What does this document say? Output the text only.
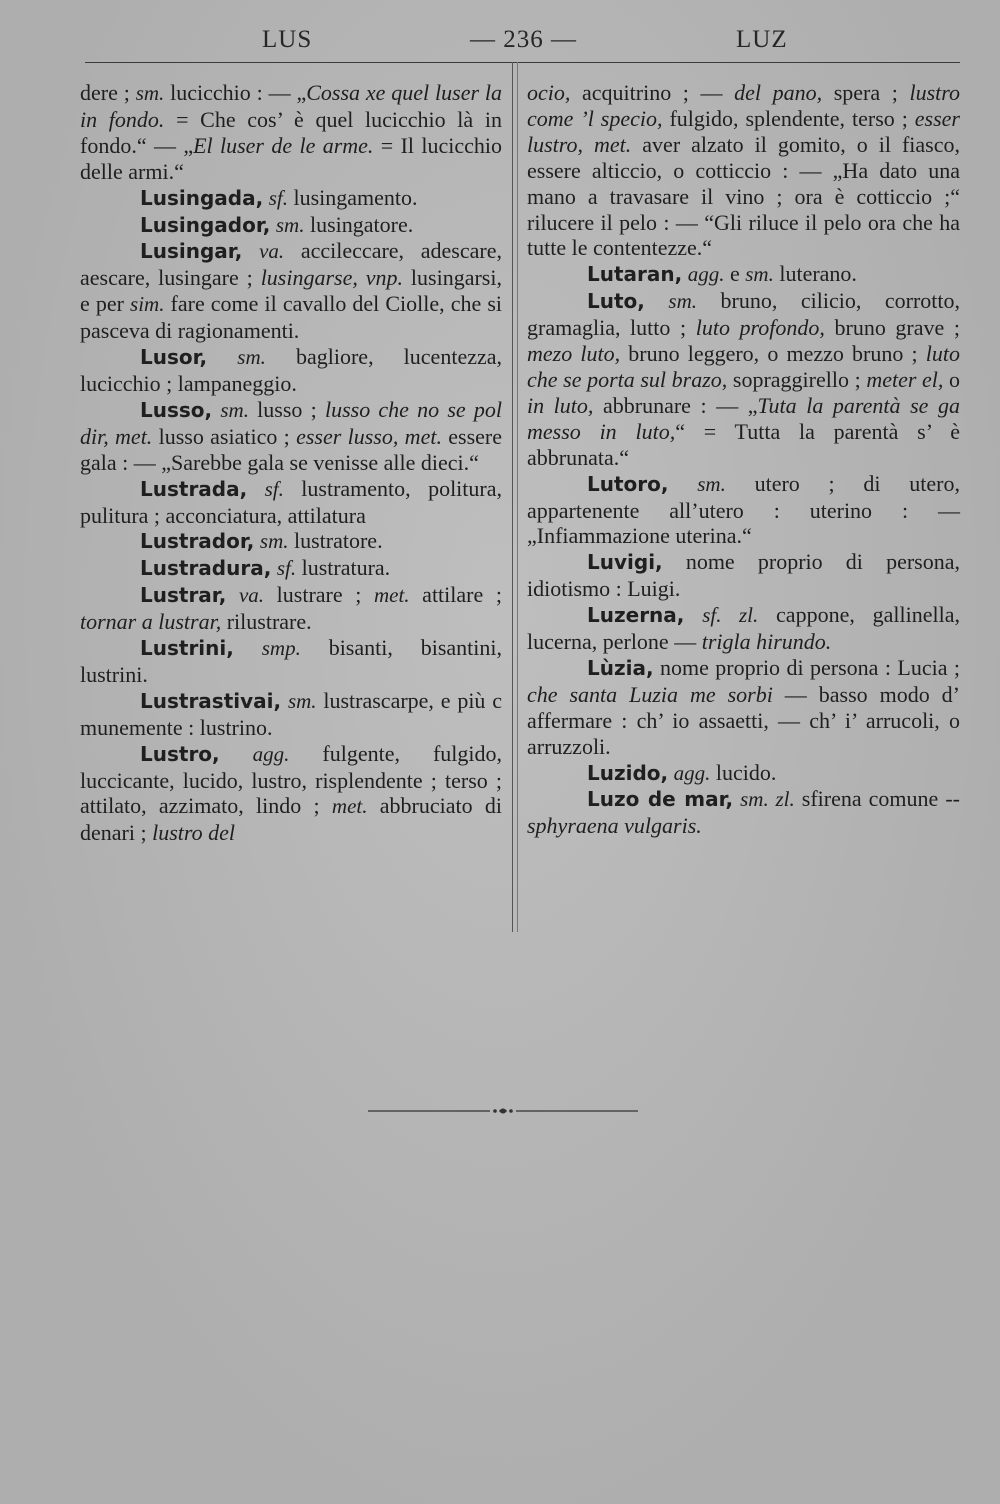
LUS	— 236 —	LUZ

dere ; sm. lucicchio : — „Cossa xe quel luser la in fondo. = Che cos’ è quel lucicchio là in fondo.“ — „El luser de le arme. = Il lucicchio delle armi.“

Lusingada, sf. lusingamento.

Lusingador, sm. lusingatore.

Lusingar, va. accileccare, adescare, aescare, lusingare ; lusingarse, vnp. lusingarsi, e per sim. fare come il cavallo del Ciolle, che si pasceva di ragionamenti.

Lusor, sm. bagliore, lucentezza, lucicchio ; lampaneggio.

Lusso, sm. lusso ; lusso che no se pol dir, met. lusso asiatico ; esser lusso, met. essere gala : — „Sarebbe gala se venisse alle dieci.“

Lustrada, sf. lustramento, politura, pulitura ; acconciatura, attilatura

Lustrador, sm. lustratore.

Lustradura, sf. lustratura.

Lustrar, va. lustrare ; met. attilare ; tornar a lustrar, rilustrare.

Lustrini, smp. bisanti, bisantini, lustrini.

Lustrastivai, sm. lustrascarpe, e più c munemente : lustrino.

Lustro, agg. fulgente, fulgido, luccicante, lucido, lustro, risplendente ; terso ; attilato, azzimato, lindo ; met. abbruciato di denari ; lustro del

ocio, acquitrino ; — del pano, spera ; lustro come ’l specio, fulgido, splendente, terso ; esser lustro, met. aver alzato il gomito, o il fiasco, essere alticcio, o cotticcio : — „Ha dato una mano a travasare il vino ; ora è cotticcio ;“ rilucere il pelo : — “Gli riluce il pelo ora che ha tutte le contentezze.“

Lutaran, agg. e sm. luterano.

Luto, sm. bruno, cilicio, corrotto, gramaglia, lutto ; luto profondo, bruno grave ; mezo luto, bruno leggero, o mezzo bruno ; luto che se porta sul brazo, sopraggirello ; meter el, o in luto, abbrunare : — „Tuta la parentà se ga messo in luto,“ = Tutta la parentà s’ è abbrunata.“

Lutoro, sm. utero ; di utero, appartenente all’utero : uterino : — „Infiammazione uterina.“

Luvigi, nome proprio di persona, idiotismo : Luigi.

Luzerna, sf. zl. cappone, gallinella, lucerna, perlone — trigla hirundo.

Lùzia, nome proprio di persona : Lucia ; che santa Luzia me sorbi — basso modo d’ affermare : ch’ io assaetti, — ch’ i’ arrucoli, o arruzzoli.

Luzido, agg. lucido.

Luzo de mar, sm. zl. sfirena comune -- sphyraena vulgaris.
